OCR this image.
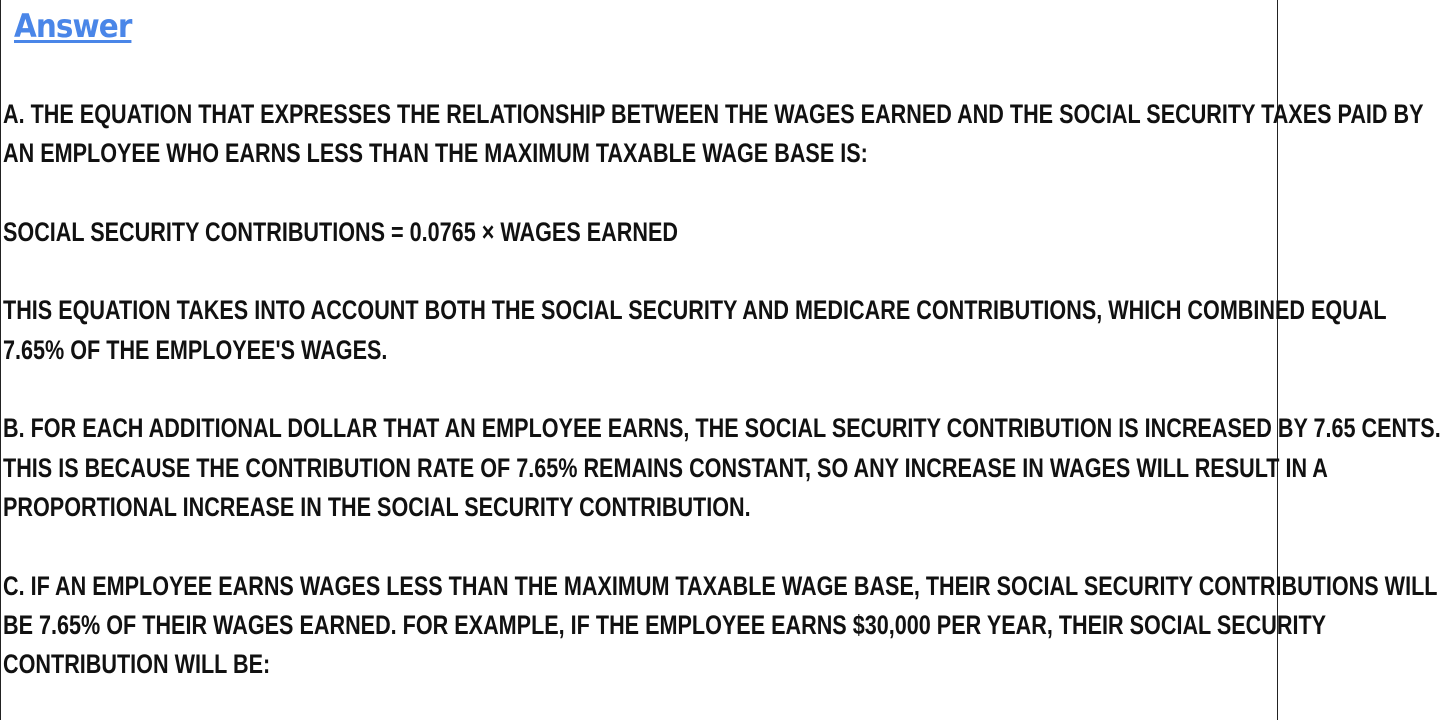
Answer
A. THE EQUATION THAT EXPRESSES THE RELATIONSHIP BETWEEN THE WAGES EARNED AND THE SOCIAL SECURITY TAXES PAID BY
AN EMPLOYEE WHO EARNS LESS THAN THE MAXIMUM TAXABLE WAGE BASE IS:
SOCIAL SECURITY CONTRIBUTIONS = 0.0765 × WAGES EARNED
THIS EQUATION TAKES INTO ACCOUNT BOTH THE SOCIAL SECURITY AND MEDICARE CONTRIBUTIONS, WHICH COMBINED EQUAL
7.65% OF THE EMPLOYEE'S WAGES.
B. FOR EACH ADDITIONAL DOLLAR THAT AN EMPLOYEE EARNS, THE SOCIAL SECURITY CONTRIBUTION IS INCREASED BY 7.65 CENTS.
THIS IS BECAUSE THE CONTRIBUTION RATE OF 7.65% REMAINS CONSTANT, SO ANY INCREASE IN WAGES WILL RESULT IN A
PROPORTIONAL INCREASE IN THE SOCIAL SECURITY CONTRIBUTION.
C. IF AN EMPLOYEE EARNS WAGES LESS THAN THE MAXIMUM TAXABLE WAGE BASE, THEIR SOCIAL SECURITY CONTRIBUTIONS WILL
BE 7.65% OF THEIR WAGES EARNED. FOR EXAMPLE, IF THE EMPLOYEE EARNS $30,000 PER YEAR, THEIR SOCIAL SECURITY
CONTRIBUTION WILL BE:
